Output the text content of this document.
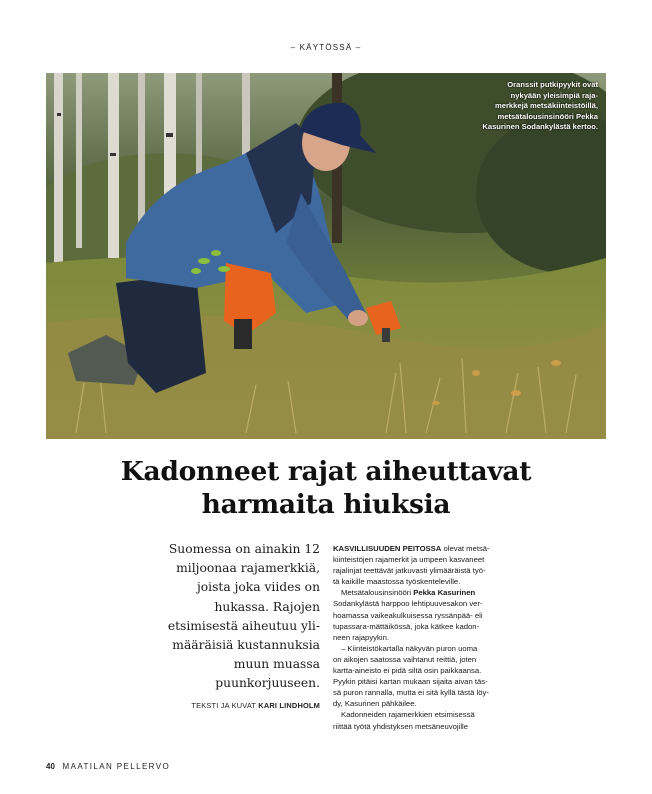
– KÄYTÖSSÄ –
Oranssit putkipyykit ovat
nykyään yleisimpiä raja-
merkkejä metsäkiinteistöillä,
metsätalousinsinööri Pekka
Kasurinen Sodankylästä kertoo.
Kadonneet rajat aiheuttavat
harmaita hiuksia
Suomessa on ainakin 12
miljoonaa rajamerkkiä,
joista joka viides on
hukassa. Rajojen
etsimisestä aiheutuu yli-
määräisiä kustannuksia
muun muassa
puunkorjuuseen.
TEKSTI JA KUVAT KARI LINDHOLM

KASVILLISUUDEN PEITOSSA olevat metsä-

kiinteistöjen rajamerkit ja umpeen kasvaneet

rajalinjat teettävät jatkuvasti ylimääräistä työ-

tä kaikille maastossa työskenteleville.

Metsätalousinsinööri Pekka Kasurinen

Sodankylästä harppoo lehtipuuvesakon ver-

hoamassa vaikeakulkuisessa ryssänpää- eli

tupassara-mättäikössä, joka kätkee kadon-

neen rajapyykin.

– Kiinteistökartalla näkyvän puron uoma

on aikojen saatossa vaihtanut reittiä, joten

kartta-aineisto ei pidä siltä osin paikkaansa.

Pyykin pitäisi kartan mukaan sijaita aivan täs-

sä puron rannalla, mutta ei sitä kyllä tästä löy-

dy, Kasurinen pähkäilee.

Kadonneiden rajamerkkien etsimisessä

riittää työtä yhdistyksen metsäneuvojille

40 MAATILAN PELLERVO
